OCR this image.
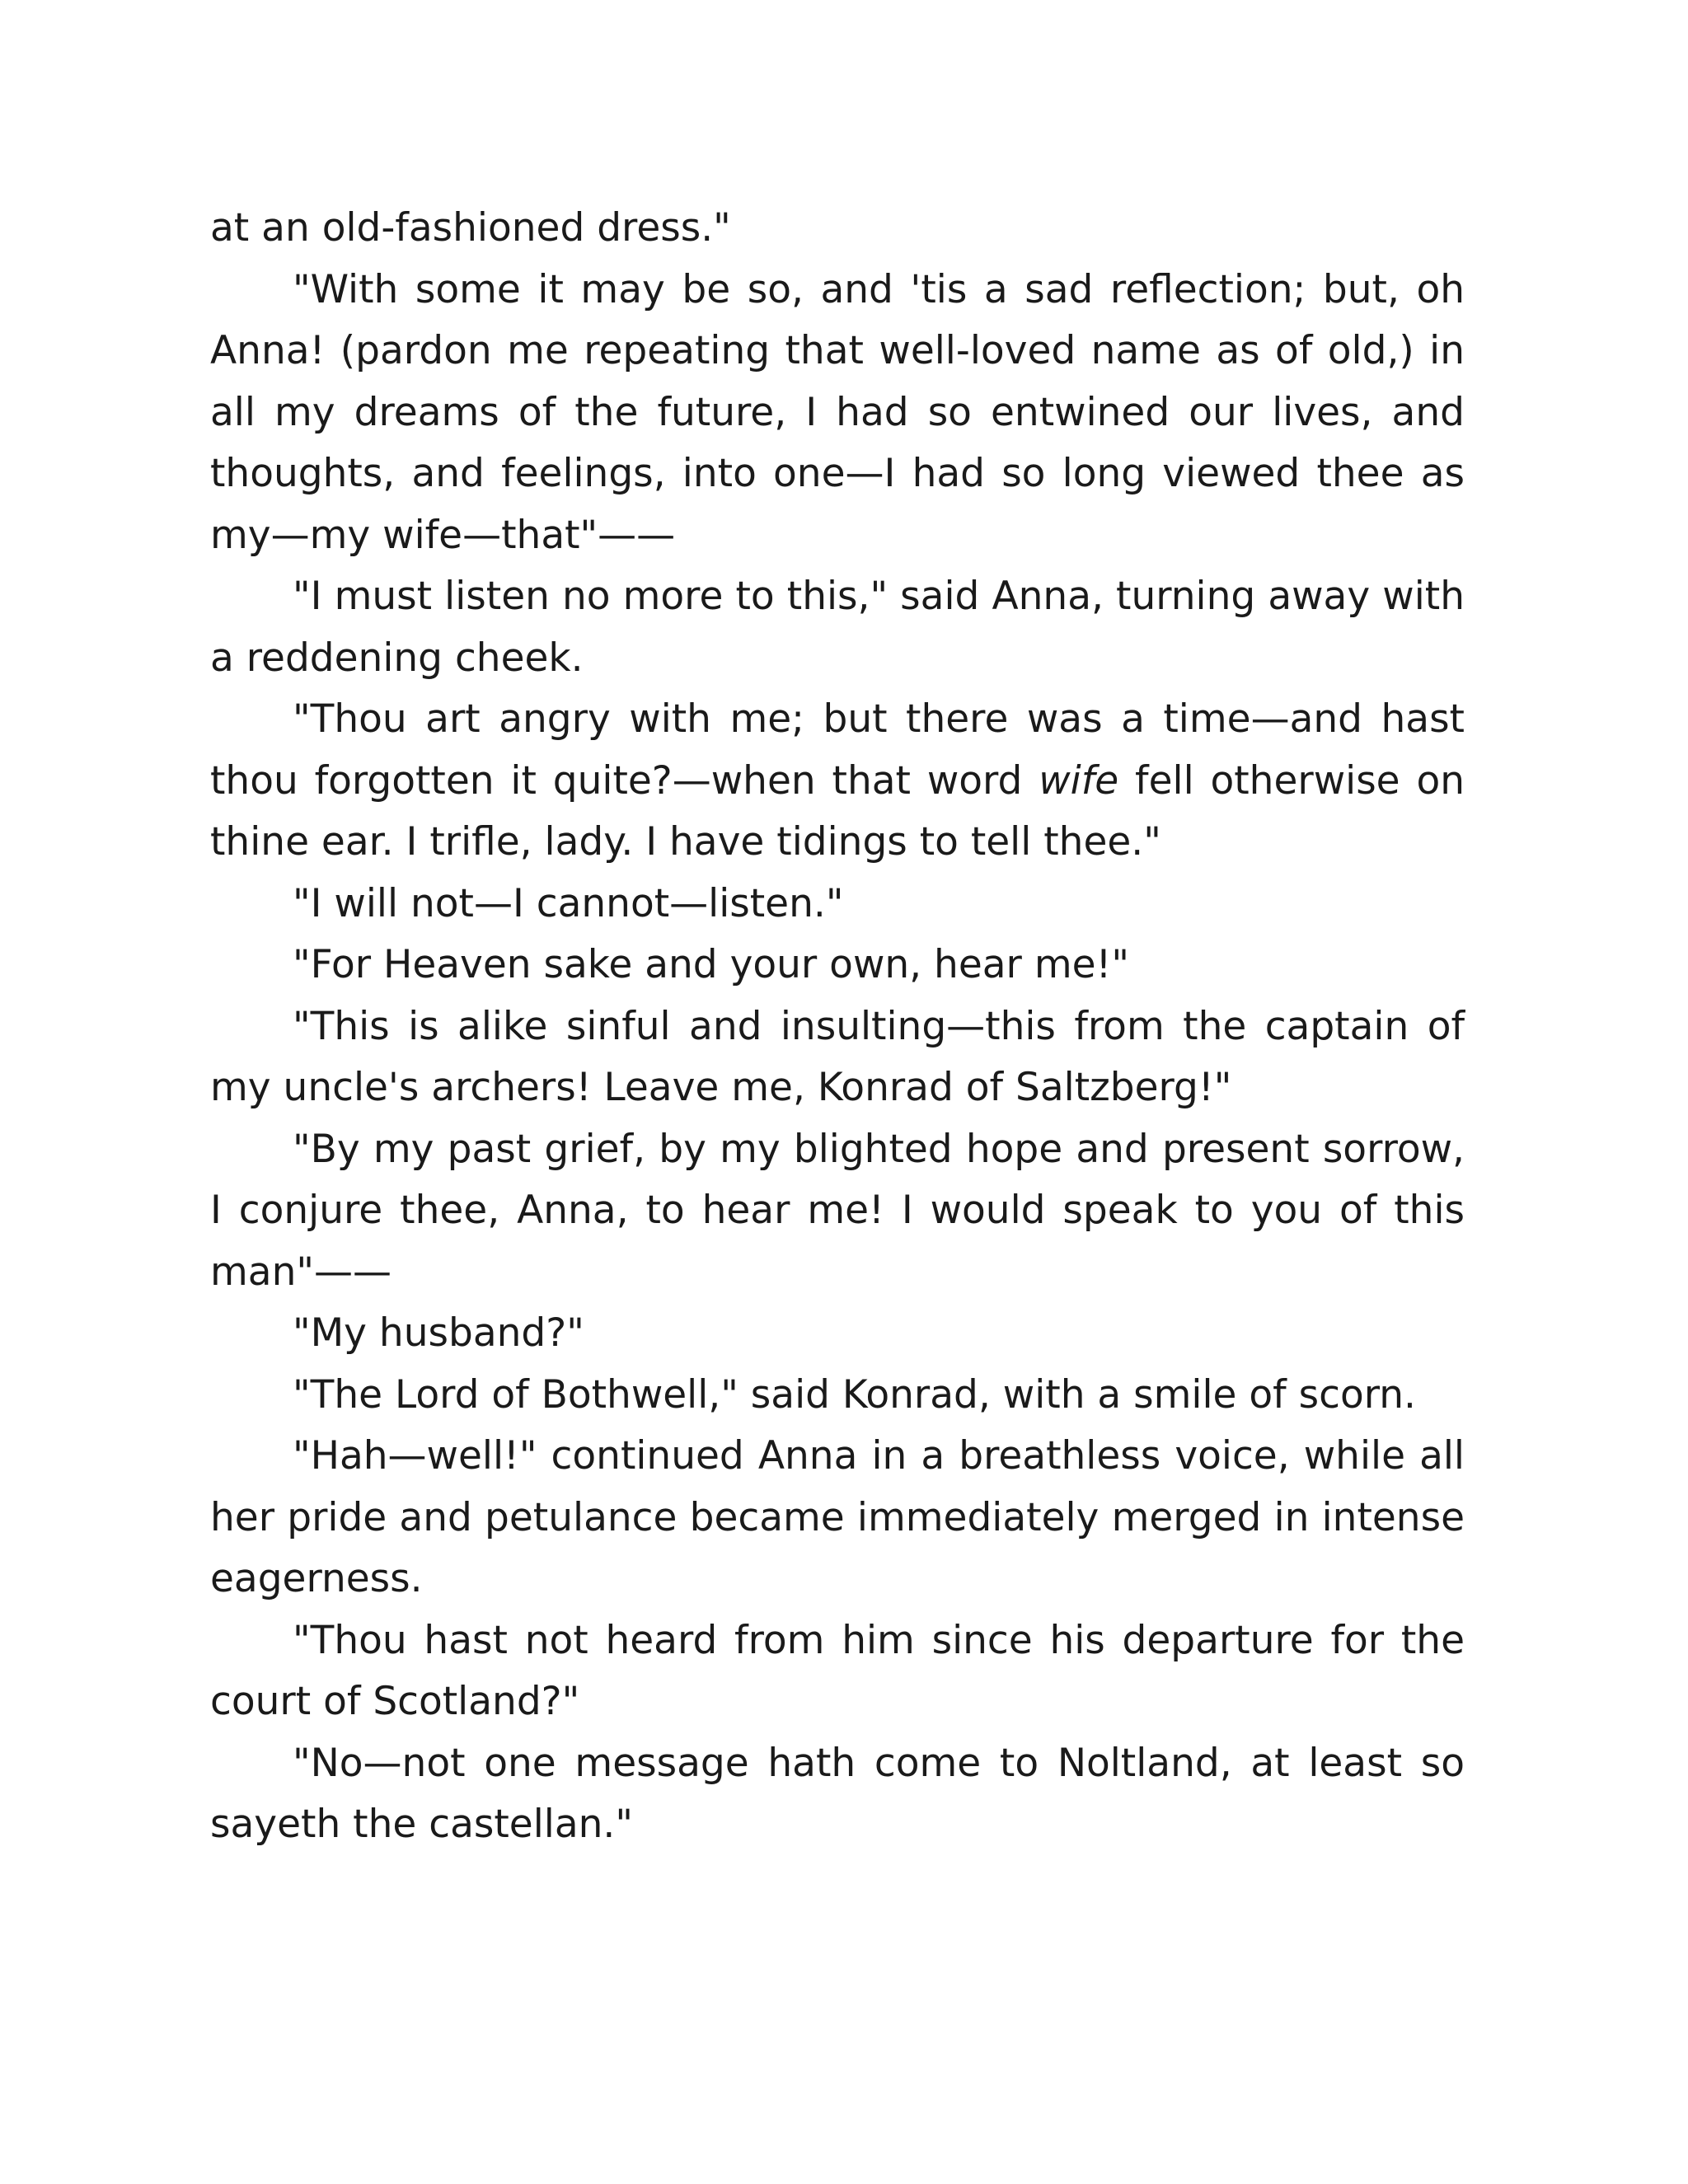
at an old-fashioned dress."

"With some it may be so, and 'tis a sad reflection; but, oh Anna! (pardon me repeating that well-loved name as of old,) in all my dreams of the future, I had so entwined our lives, and thoughts, and feelings, into one—I had so long viewed thee as my—my wife—that"——

"I must listen no more to this," said Anna, turning away with a reddening cheek.

"Thou art angry with me; but there was a time—and hast thou forgotten it quite?—when that word wife fell otherwise on thine ear. I trifle, lady. I have tidings to tell thee."

"I will not—I cannot—listen."

"For Heaven sake and your own, hear me!"

"This is alike sinful and insulting—this from the captain of my uncle's archers! Leave me, Konrad of Saltzberg!"

"By my past grief, by my blighted hope and present sorrow, I conjure thee, Anna, to hear me! I would speak to you of this man"——

"My husband?"

"The Lord of Bothwell," said Konrad, with a smile of scorn.

"Hah—well!" continued Anna in a breathless voice, while all her pride and petulance became immediately merged in intense eagerness.

"Thou hast not heard from him since his departure for the court of Scotland?"

"No—not one message hath come to Noltland, at least so sayeth the castellan."
